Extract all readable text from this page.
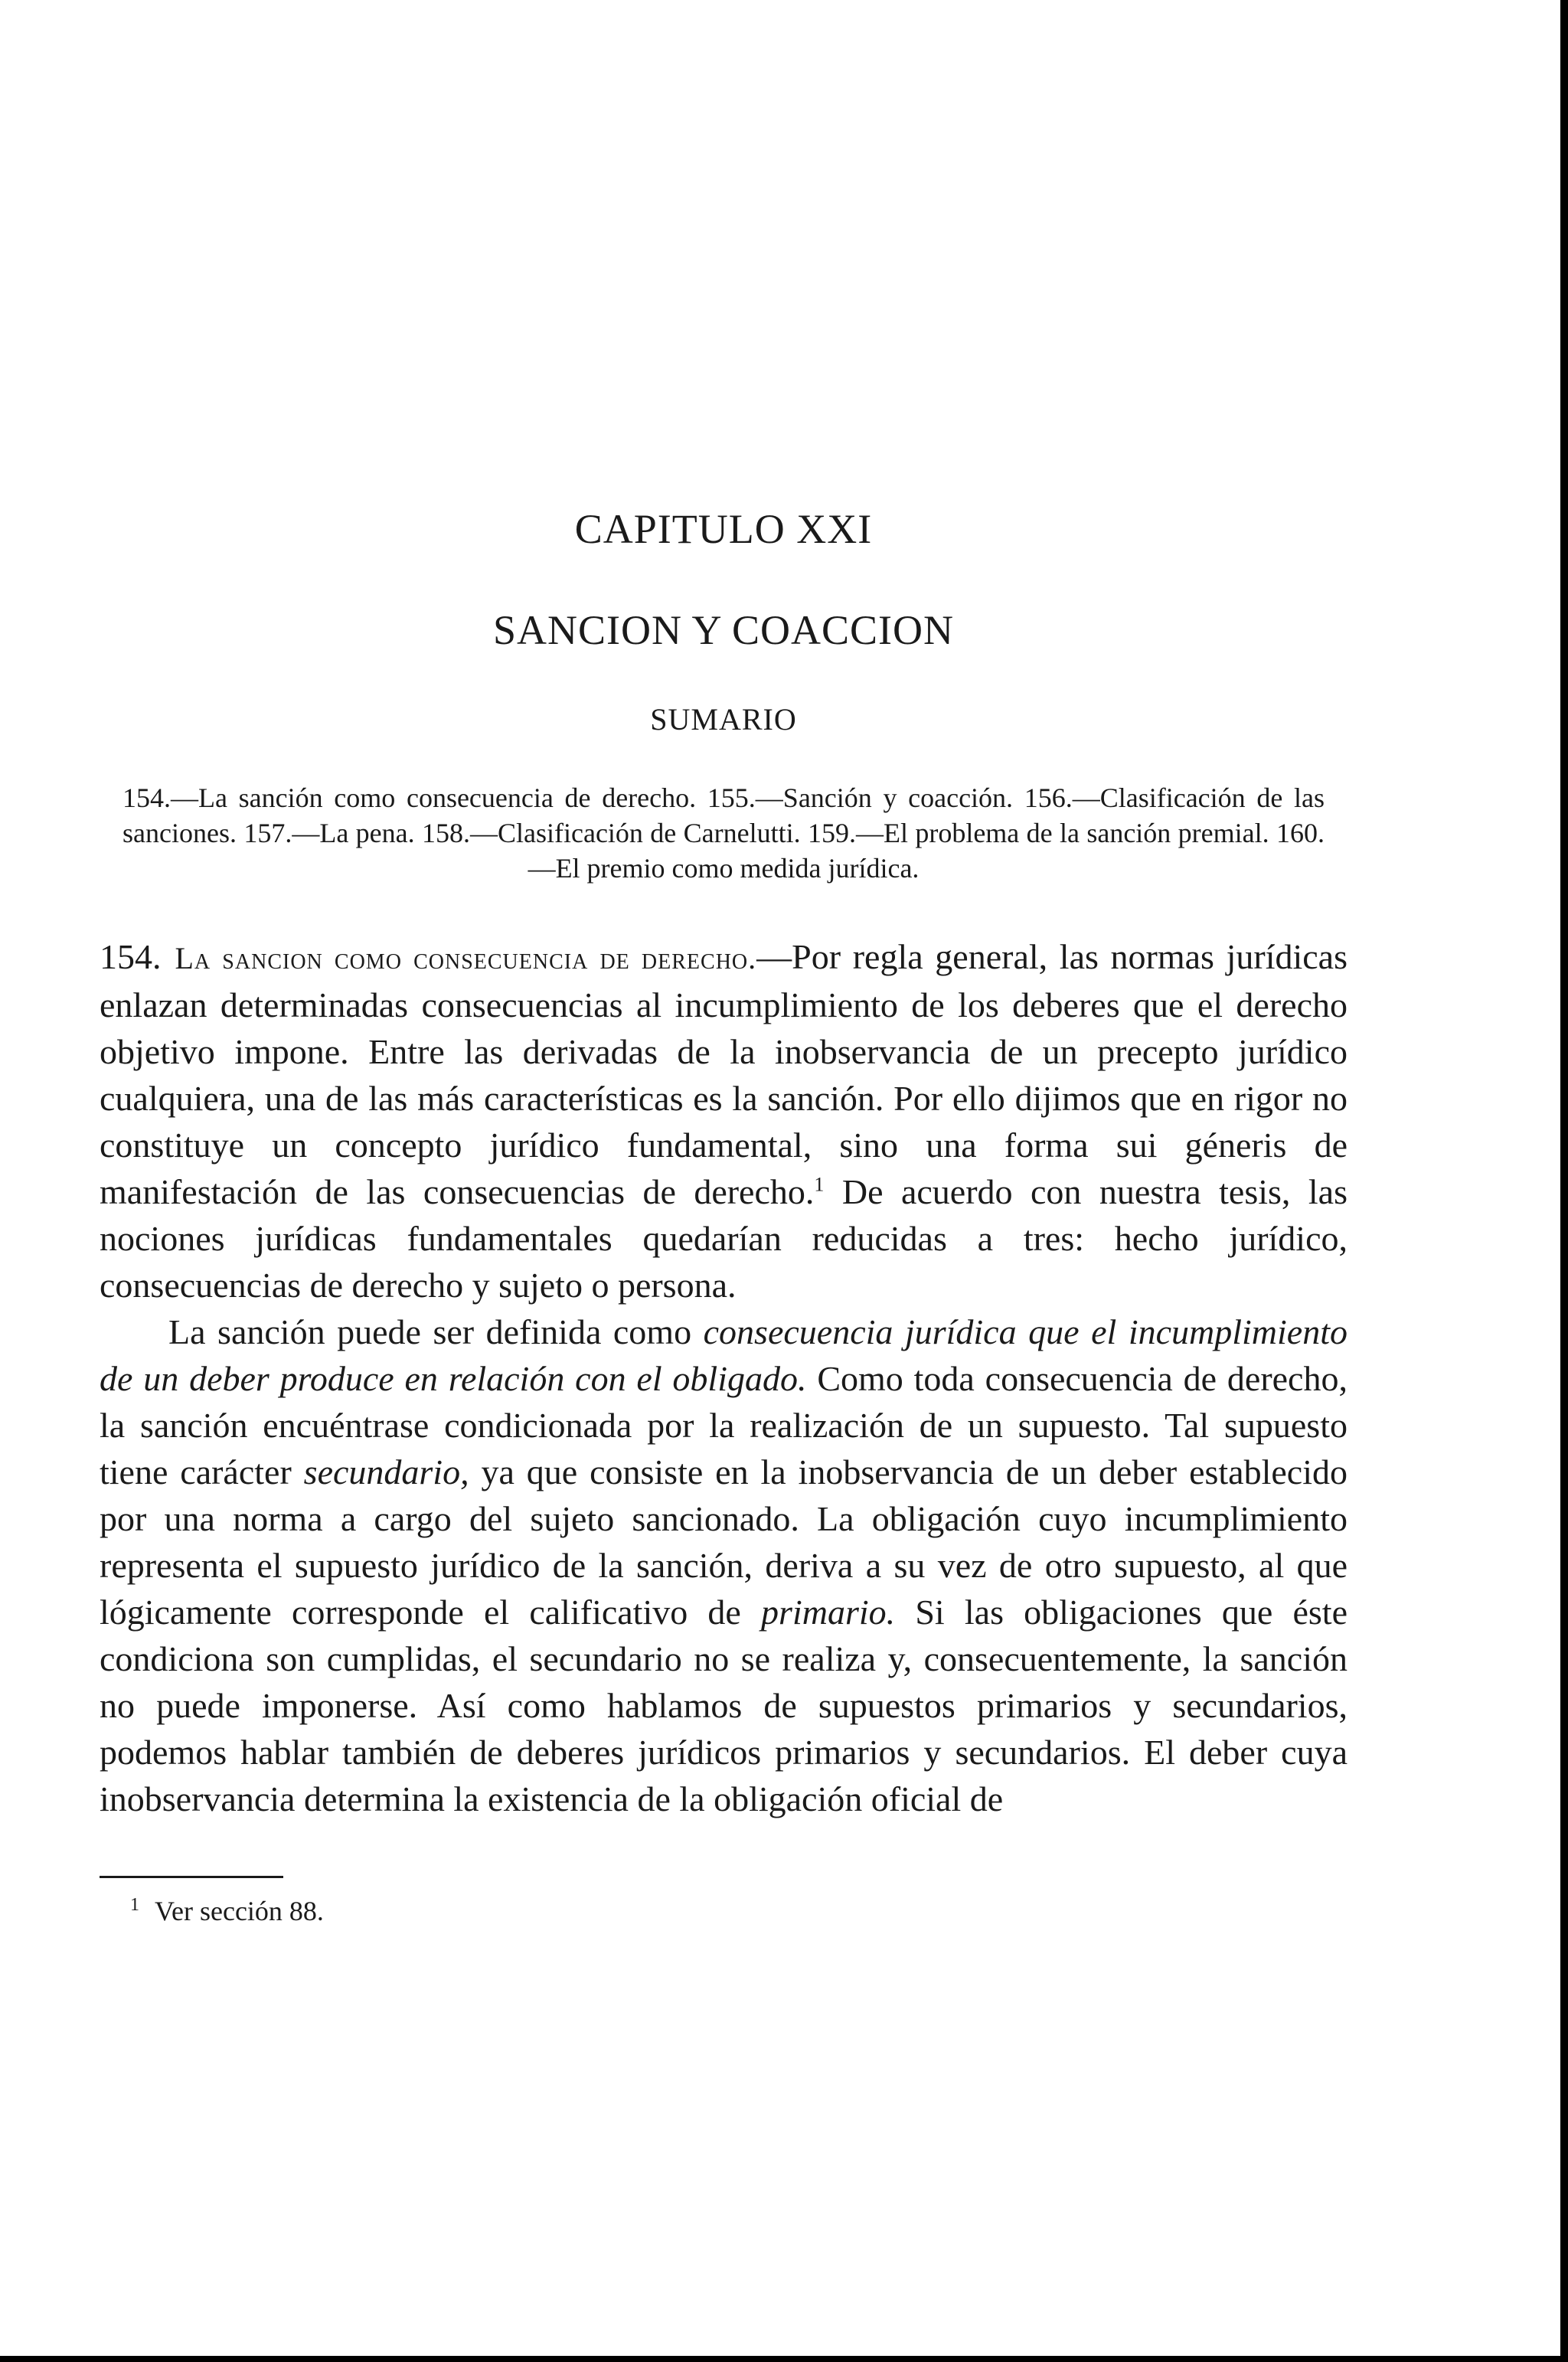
CAPITULO XXI
SANCION Y COACCION
SUMARIO
154.—La sanción como consecuencia de derecho. 155.—Sanción y coacción. 156.—Clasificación de las sanciones. 157.—La pena. 158.—Clasificación de Carnelutti. 159.—El problema de la sanción premial. 160.—El premio como medida jurídica.

154. La sancion como consecuencia de derecho.—Por regla general, las normas jurídicas enlazan determinadas consecuencias al incumplimiento de los deberes que el derecho objetivo impone. Entre las derivadas de la inobservancia de un precepto jurídico cualquiera, una de las más características es la sanción. Por ello dijimos que en rigor no constituye un concepto jurídico fundamental, sino una forma sui géneris de manifestación de las consecuencias de derecho.$^1$ De acuerdo con nuestra tesis, las nociones jurídicas fundamentales quedarían reducidas a tres: hecho jurídico, consecuencias de derecho y sujeto o persona.

La sanción puede ser definida como consecuencia jurídica que el incumplimiento de un deber produce en relación con el obligado. Como toda consecuencia de derecho, la sanción encuéntrase condicionada por la realización de un supuesto. Tal supuesto tiene carácter secundario, ya que consiste en la inobservancia de un deber establecido por una norma a cargo del sujeto sancionado. La obligación cuyo incumplimiento representa el supuesto jurídico de la sanción, deriva a su vez de otro supuesto, al que lógicamente corresponde el calificativo de primario. Si las obligaciones que éste condiciona son cumplidas, el secundario no se realiza y, consecuentemente, la sanción no puede imponerse. Así como hablamos de supuestos primarios y secundarios, podemos hablar también de deberes jurídicos primarios y secundarios. El deber cuya inobservancia determina la existencia de la obligación oficial de

$^1$ Ver sección 88.
